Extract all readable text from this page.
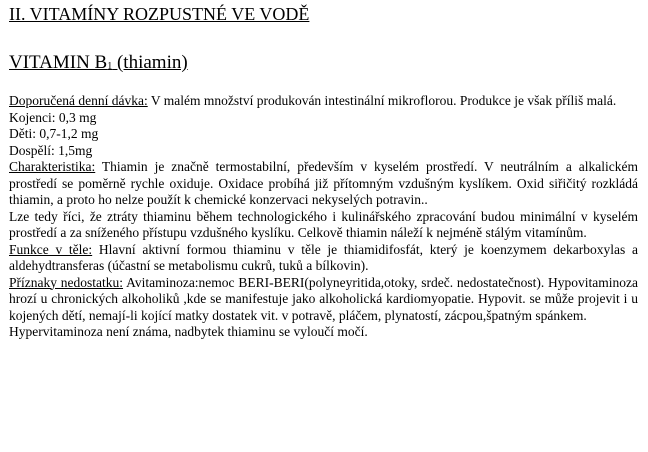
II. VITAMÍNY ROZPUSTNÉ VE VODĚ
VITAMIN $B_1$ (thiamin)

Doporučená denní dávka: V malém množství produkován intestinální mikroflorou. Produkce je však příliš malá.

Kojenci: 0,3 mg

Děti: 0,7-1,2 mg

Dospělí: 1,5mg

Charakteristika: Thiamin je značně termostabilní, především v kyselém prostředí. V neutrálním a alkalickém prostředí se poměrně rychle oxiduje. Oxidace probíhá již přítomným vzdušným kyslíkem. Oxid siřičitý rozkládá thiamin, a proto ho nelze použít k chemické konzervaci nekyselých potravin..

Lze tedy říci, že ztráty thiaminu během technologického i kulinářského zpracování budou minimální v kyselém prostředí a za sníženého přístupu vzdušného kyslíku. Celkově thiamin náleží k nejméně stálým vitamínům.

Funkce v těle: Hlavní aktivní formou thiaminu v těle je thiamidifosfát, který je koenzymem dekarboxylas a aldehydtransferas (účastní se metabolismu cukrů, tuků a bílkovin).

Příznaky nedostatku: Avitaminoza:nemoc BERI-BERI(polyneyritida,otoky, srdeč. nedostatečnost). Hypovitaminoza hrozí u chronických alkoholiků ,kde se manifestuje jako alkoholická kardiomyopatie. Hypovit. se může projevit i u kojených dětí, nemají-li kojící matky dostatek vit. v potravě, pláčem, plynatostí, zácpou,špatným spánkem.

Hypervitaminoza není známa, nadbytek thiaminu se vyloučí močí.
